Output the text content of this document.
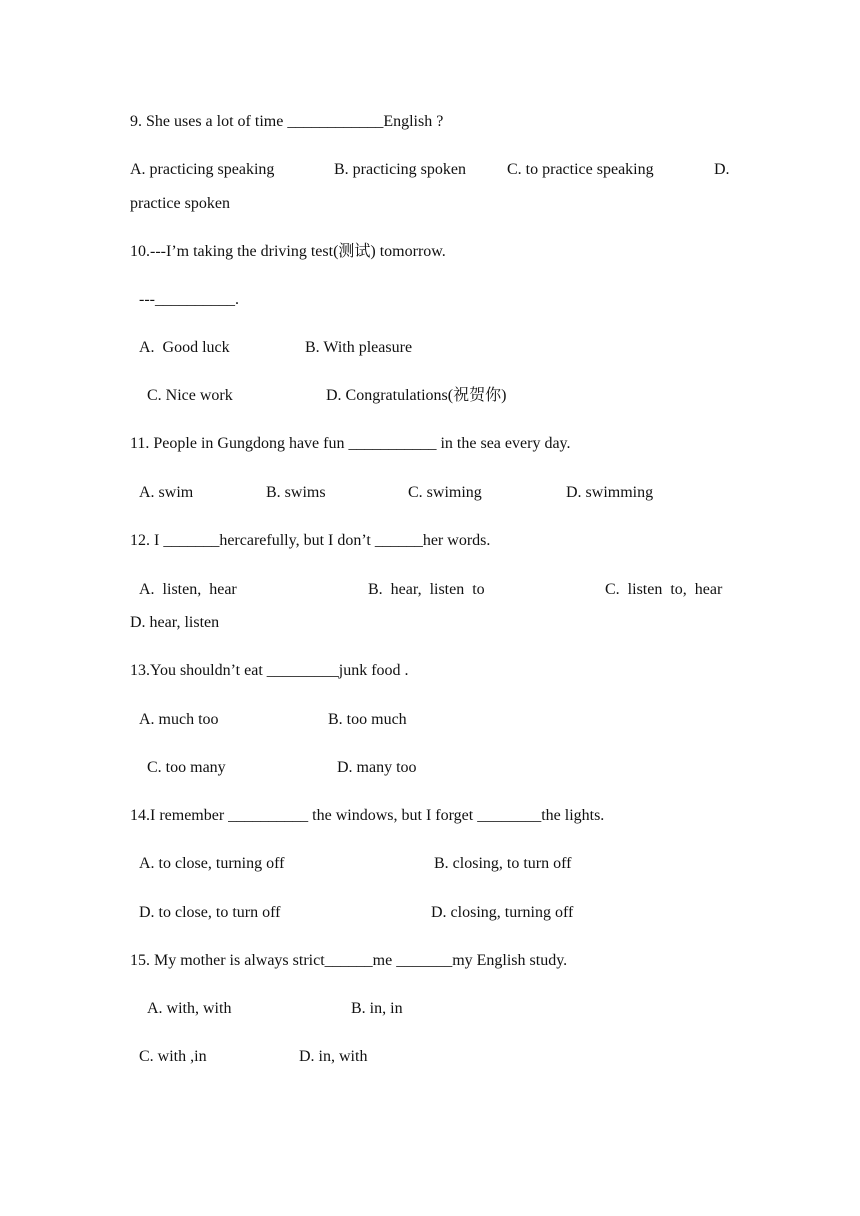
9. She uses a lot of time ____________English ?
A. practicing speaking	B. practicing spoken	C. to practice speaking	D.
practice spoken
10.---I’m taking the driving test(测试) tomorrow.
---__________.
A.  Good luck	B. With pleasure
C. Nice work	D. Congratulations(祝贺你)
11. People in Gungdong have fun ___________ in the sea every day.
A. swim	B. swims	C. swiming	D. swimming
12. I _______hercarefully, but I don’t ______her words.
A.  listen,  hear	B.  hear,  listen  to	C.  listen  to,  hear
D. hear, listen
13.You shouldn’t eat _________junk food .
A. much too	B. too much
C. too many	D. many too
14.I remember __________ the windows, but I forget ________the lights.
A. to close, turning off	B. closing, to turn off
D. to close, to turn off	D. closing, turning off
15. My mother is always strict______me _______my English study.
A. with, with	B. in, in
C. with ,in	D. in, with
